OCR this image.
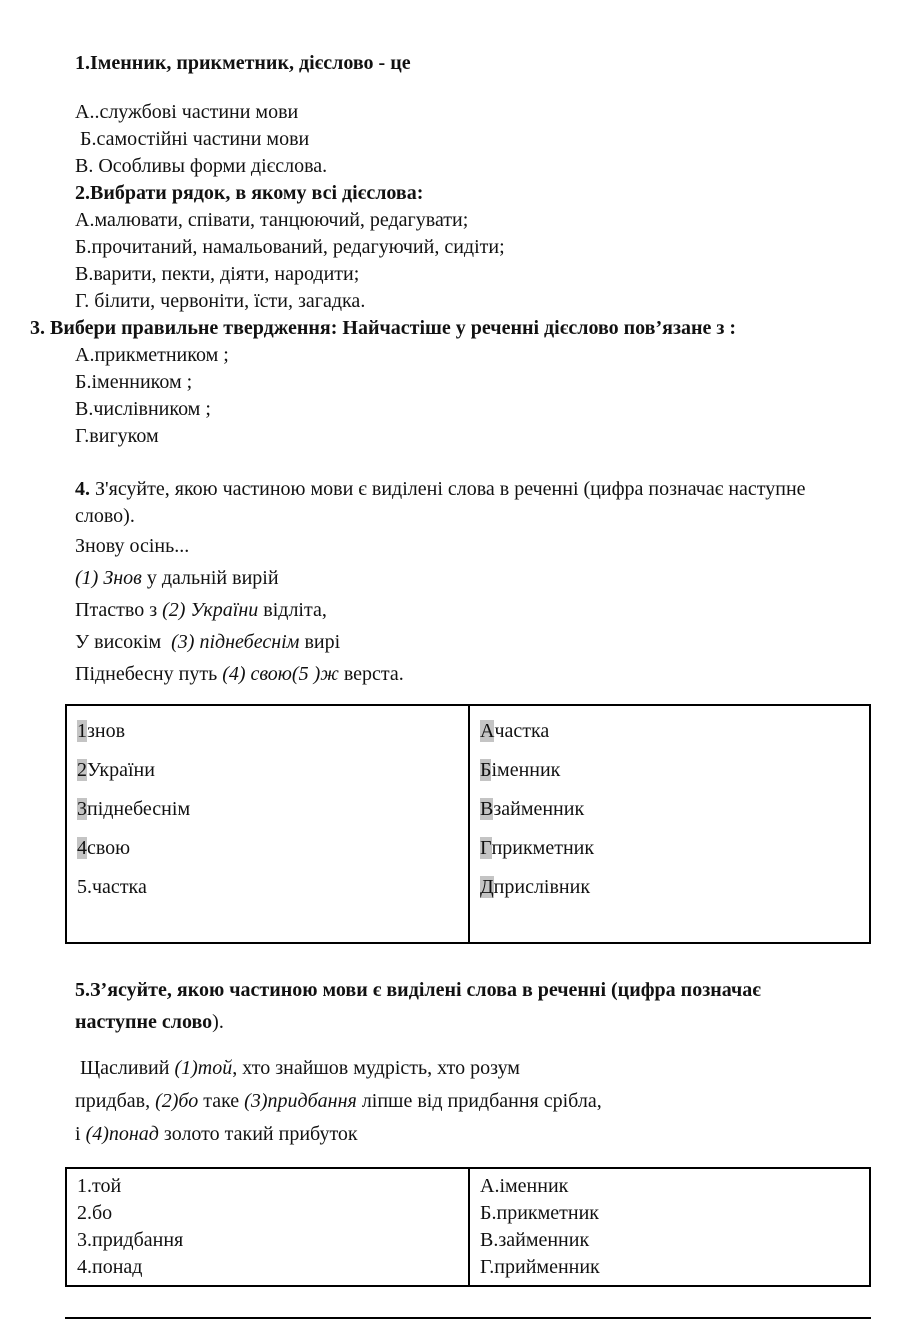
1.Іменник, прикметник, дієслово - це

А..службові частини мови

Б.самостійні частини мови

В. Особливы форми дієслова.

2.Вибрати рядок, в якому всі дієслова:

А.малювати, співати, танцюючий, редагувати;

Б.прочитаний, намальований, редагуючий, сидіти;

В.варити, пекти, діяти, народити;

Г. білити, червоніти, їсти, загадка.

3. Вибери правильне твердження: Найчастіше у реченні дієслово пов’язане з :

А.прикметником ;

Б.іменником ;

В.числівником ;

Г.вигуком

4. З'ясуйте, якою частиною мови є виділені слова в реченні (цифра позначає наступне слово).

Знову осінь...

(1) Знов у дальній вирій

Птаство з (2) України відліта,

У високім  (3) піднебеснім вирі

Піднебесну путь (4) свою(5 )ж верста.

1знов

2України

3піднебеснім

4свою

5.частка

Ачастка

Біменник

Взайменник

Гприкметник

Дприслівник

5.З’ясуйте, якою частиною мови є виділені слова в реченні (цифра позначає наступне слово).

Щасливий (1)той, хто знайшов мудрість, хто розум

придбав, (2)бо таке (3)придбання ліпше від придбання срібла,

і (4)понад золото такий прибуток

1.той

2.бо

3.придбання

4.понад

А.іменник

Б.прикметник

В.займенник

Г.прийменник
